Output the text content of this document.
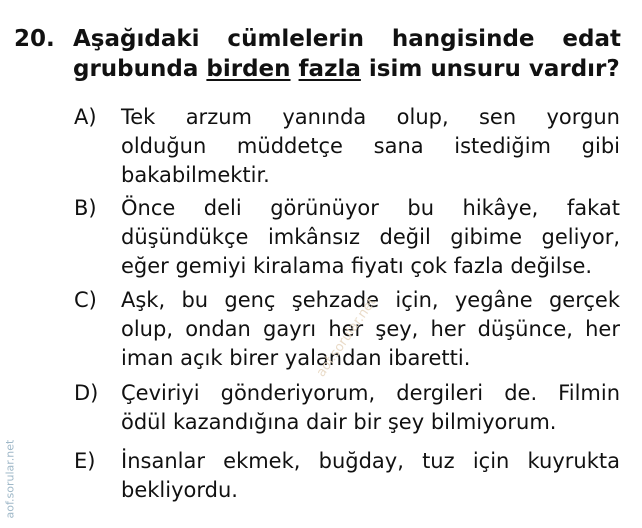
20. Aşağıdaki cümlelerin hangisinde edat
grubunda birden fazla isim unsuru vardır?
A) Tek arzum yanında olup, sen yorgun
olduğun müddetçe sana istediğim gibi
bakabilmektir.
B) Önce deli görünüyor bu hikâye, fakat
düşündükçe imkânsız değil gibime geliyor,
eğer gemiyi kiralama fiyatı çok fazla değilse.
C) Aşk, bu genç şehzade için, yegâne gerçek
olup, ondan gayrı her şey, her düşünce, her
iman açık birer yalandan ibaretti.
D) Çeviriyi gönderiyorum, dergileri de. Filmin
ödül kazandığına dair bir şey bilmiyorum.
E) İnsanlar ekmek, buğday, tuz için kuyrukta
bekliyordu.
aof.sorular.net
aof.sorular.net
